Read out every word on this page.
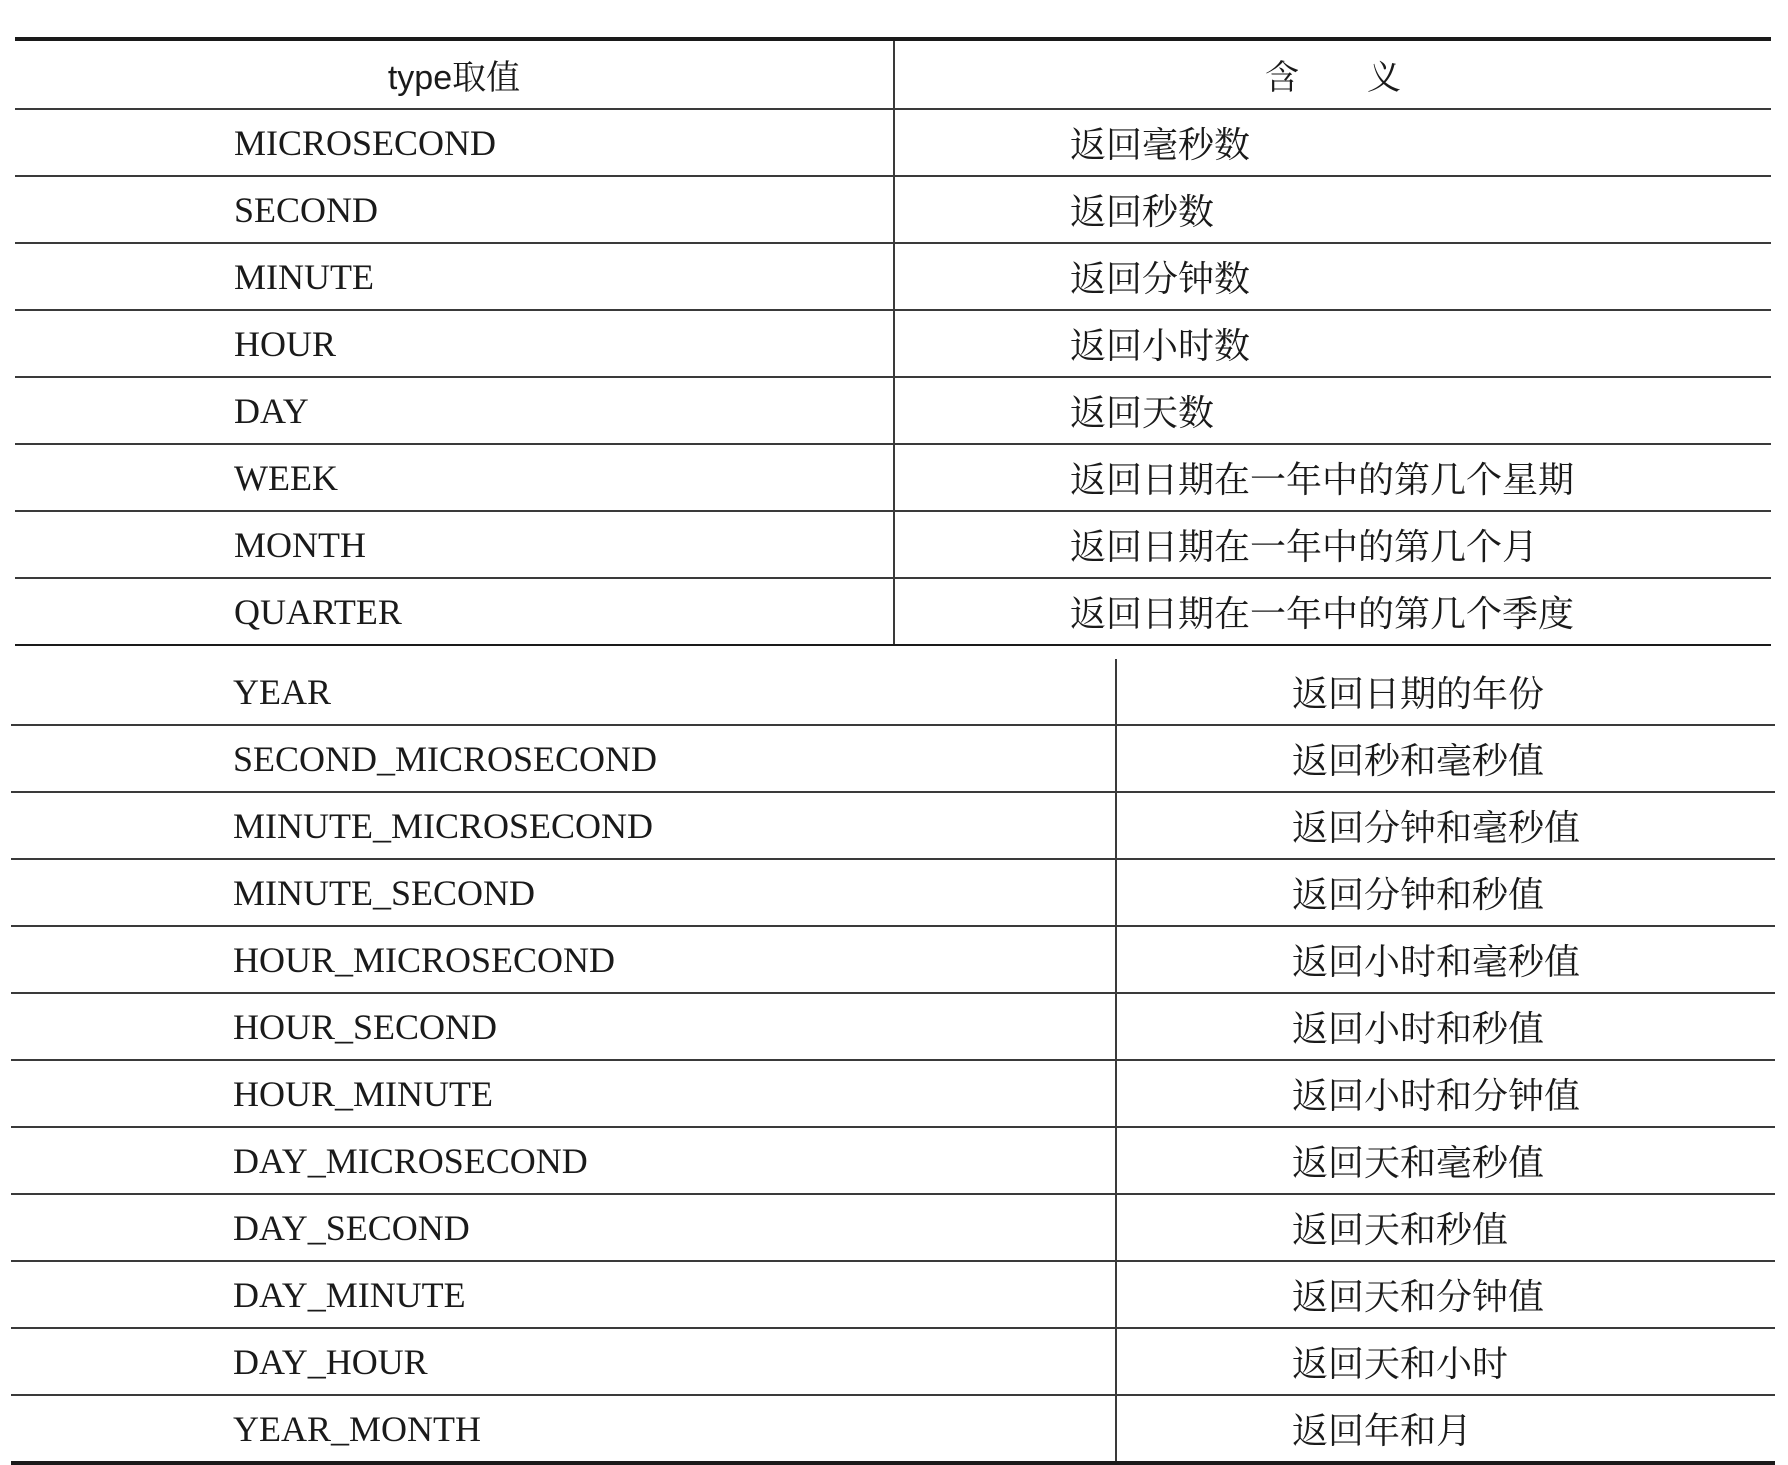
type取值	含　　义
MICROSECOND	返回毫秒数
SECOND	返回秒数
MINUTE	返回分钟数
HOUR	返回小时数
DAY	返回天数
WEEK	返回日期在一年中的第几个星期
MONTH	返回日期在一年中的第几个月
QUARTER	返回日期在一年中的第几个季度
YEAR	返回日期的年份
SECOND_MICROSECOND	返回秒和毫秒值
MINUTE_MICROSECOND	返回分钟和毫秒值
MINUTE_SECOND	返回分钟和秒值
HOUR_MICROSECOND	返回小时和毫秒值
HOUR_SECOND	返回小时和秒值
HOUR_MINUTE	返回小时和分钟值
DAY_MICROSECOND	返回天和毫秒值
DAY_SECOND	返回天和秒值
DAY_MINUTE	返回天和分钟值
DAY_HOUR	返回天和小时
YEAR_MONTH	返回年和月
